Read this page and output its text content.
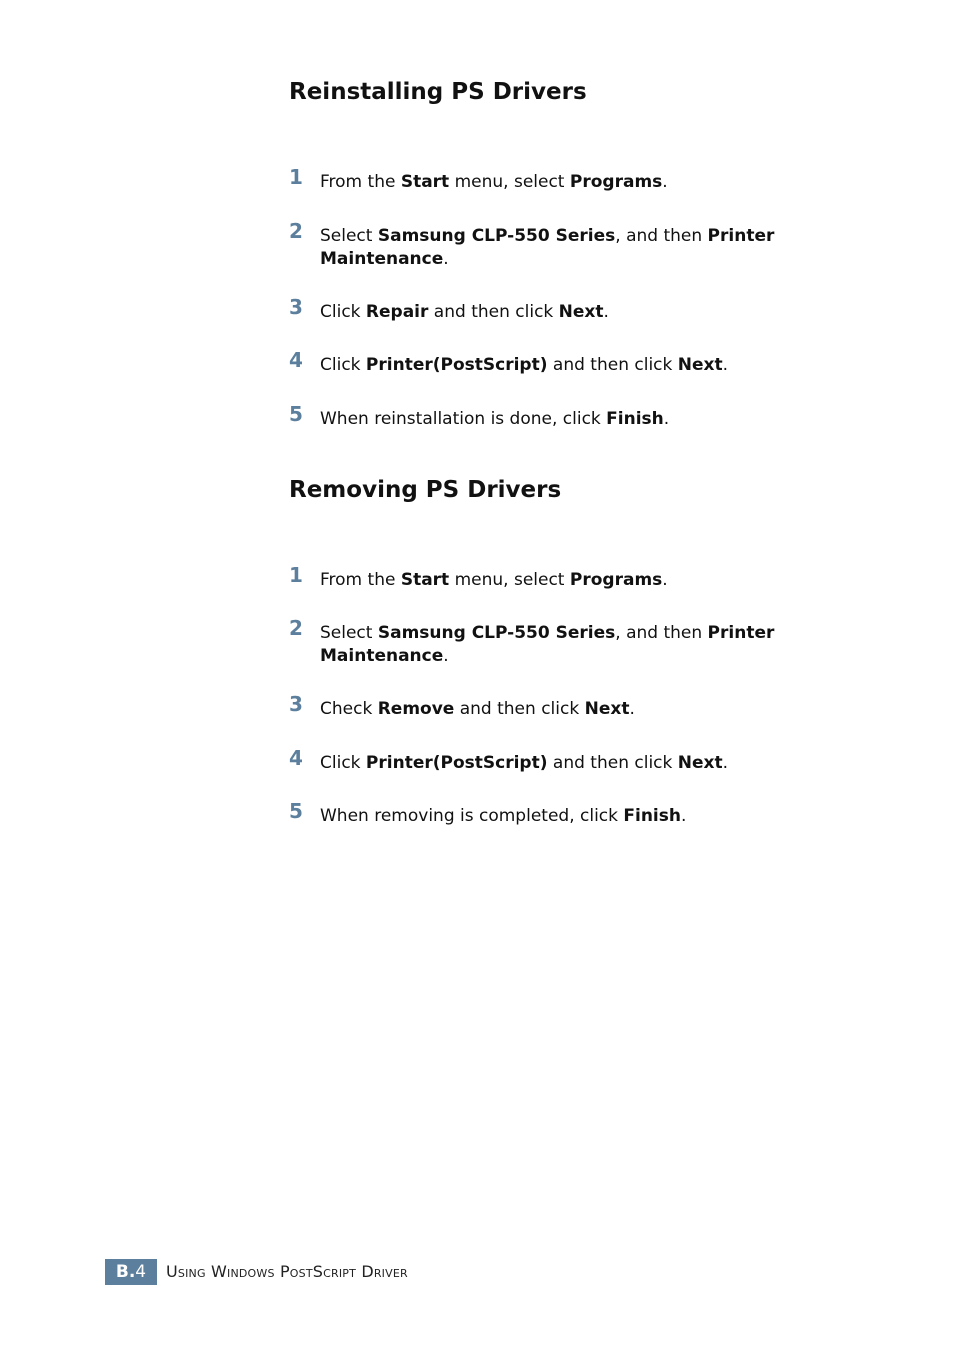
Reinstalling PS Drivers
1	From the Start menu, select Programs.
2	Select Samsung CLP-550 Series, and then Printer Maintenance.
3	Click Repair and then click Next.
4	Click Printer(PostScript) and then click Next.
5	When reinstallation is done, click Finish.
Removing PS Drivers
1	From the Start menu, select Programs.
2	Select Samsung CLP-550 Series, and then Printer Maintenance.
3	Check Remove and then click Next.
4	Click Printer(PostScript) and then click Next.
5	When removing is completed, click Finish.
B. 4 Using Windows PostScript Driver
